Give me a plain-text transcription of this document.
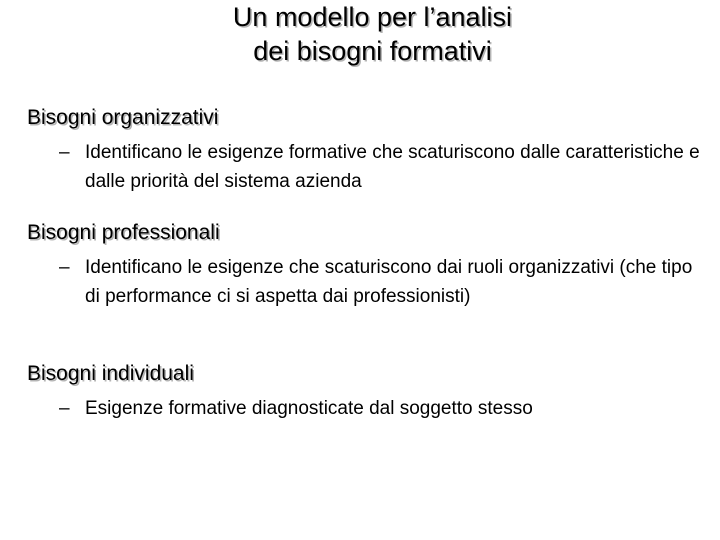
Un modello per l’analisi
dei bisogni formativi

Bisogni organizzativi

– Identificano le esigenze formative che scaturiscono dalle caratteristiche e dalle priorità del sistema azienda

Bisogni professionali

– Identificano le esigenze che scaturiscono dai ruoli organizzativi (che tipo di performance ci si aspetta dai professionisti)

Bisogni individuali

– Esigenze formative diagnosticate dal soggetto stesso
